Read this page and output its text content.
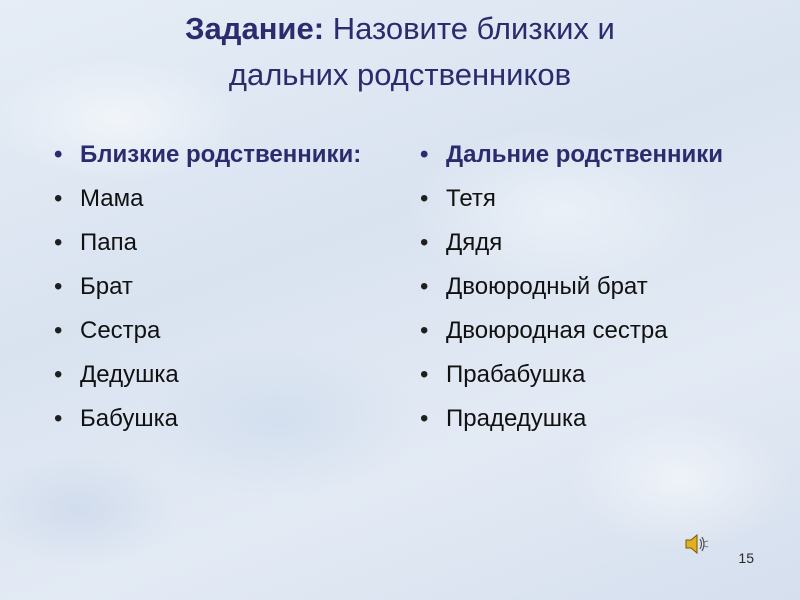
Задание: Назовите близких и
дальних родственников
• Близкие родственники:
• Мама
• Папа
• Брат
• Сестра
• Дедушка
• Бабушка
• Дальние родственники
• Тетя
• Дядя
• Двоюродный брат
• Двоюродная сестра
• Прабабушка
• Прадедушка
15
